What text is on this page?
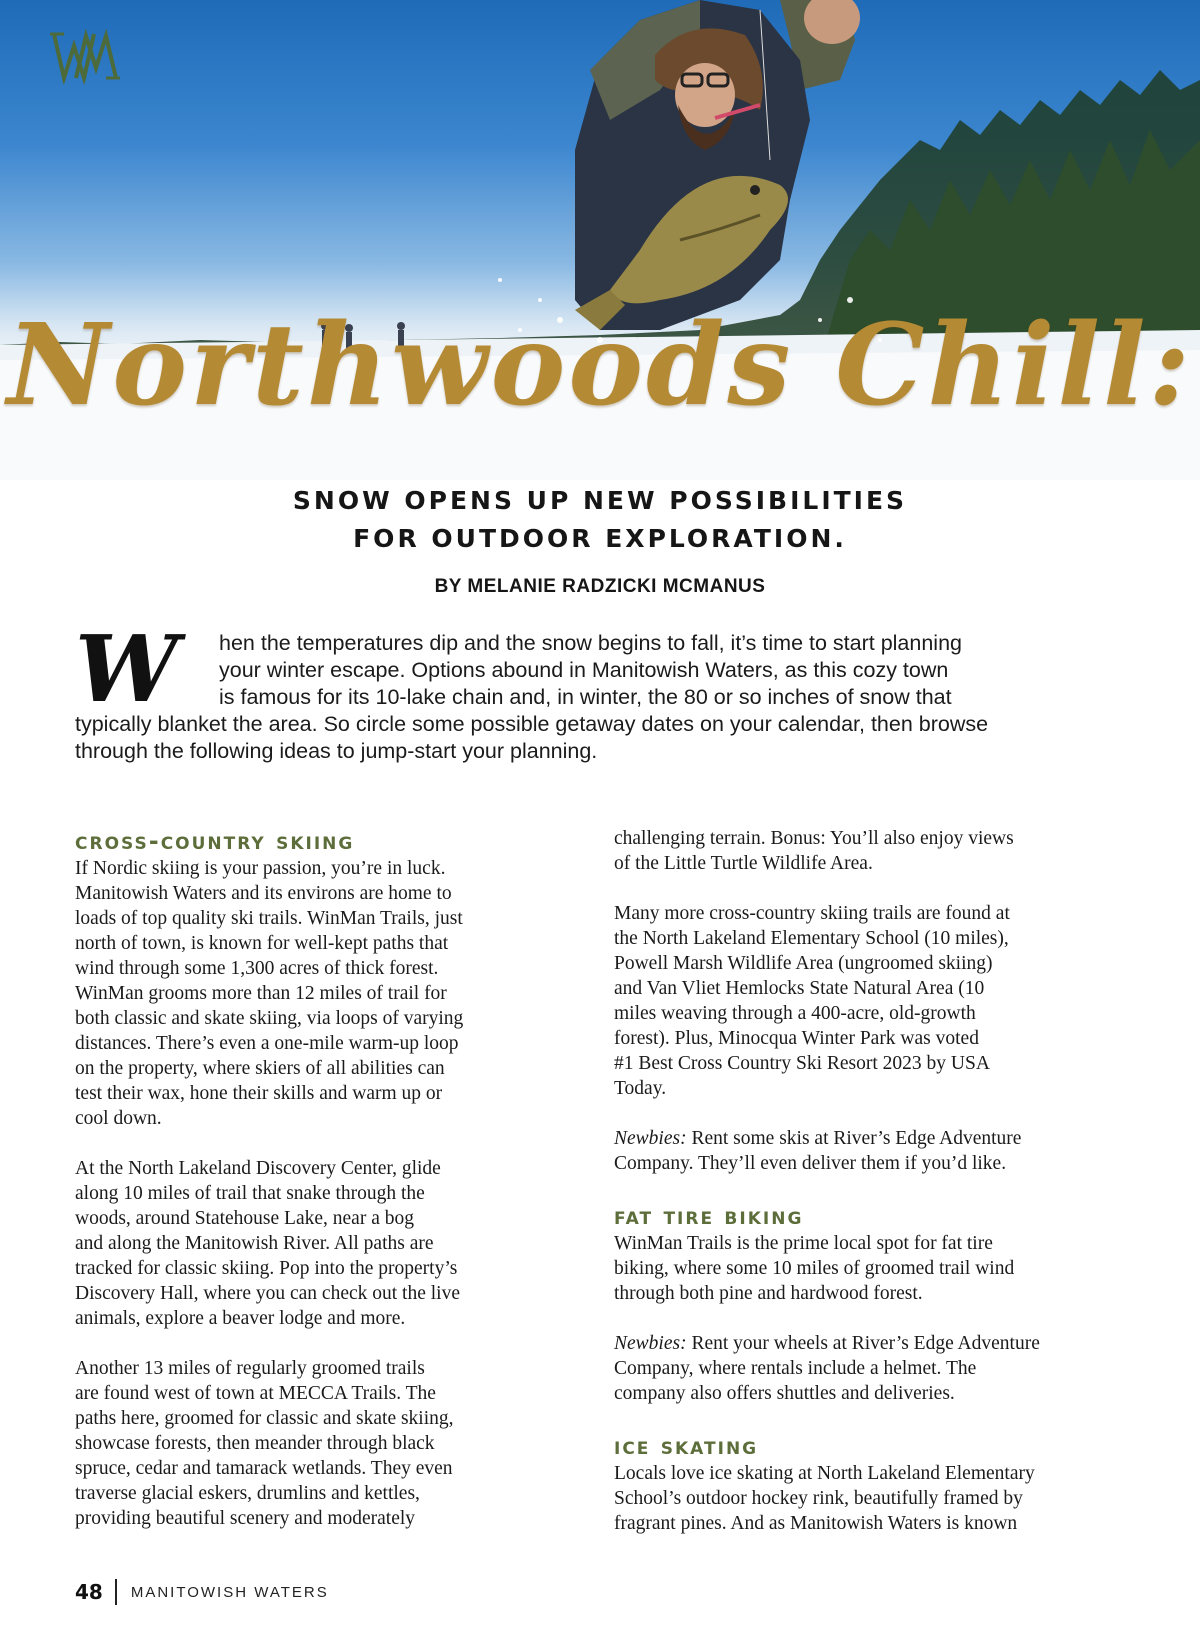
Northwoods Chill:
SNOW OPENS UP NEW POSSIBILITIES
FOR OUTDOOR EXPLORATION.
BY MELANIE RADZICKI MCMANUS
W	hen the temperatures dip and the snow begins to fall, it’s time to start planning
your winter escape. Options abound in Manitowish Waters, as this cozy town
is famous for its 10-lake chain and, in winter, the 80 or so inches of snow that
typically blanket the area. So circle some possible getaway dates on your calendar, then browse
through the following ideas to jump-start your planning.
cross-country skiing

If Nordic skiing is your passion, you’re in luck.
Manitowish Waters and its environs are home to
loads of top quality ski trails. WinMan Trails, just
north of town, is known for well-kept paths that
wind through some 1,300 acres of thick forest.
WinMan grooms more than 12 miles of trail for
both classic and skate skiing, via loops of varying
distances. There’s even a one-mile warm-up loop
on the property, where skiers of all abilities can
test their wax, hone their skills and warm up or
cool down.

At the North Lakeland Discovery Center, glide
along 10 miles of trail that snake through the
woods, around Statehouse Lake, near a bog
and along the Manitowish River. All paths are
tracked for classic skiing. Pop into the property’s
Discovery Hall, where you can check out the live
animals, explore a beaver lodge and more.

Another 13 miles of regularly groomed trails
are found west of town at MECCA Trails. The
paths here, groomed for classic and skate skiing,
showcase forests, then meander through black
spruce, cedar and tamarack wetlands. They even
traverse glacial eskers, drumlins and kettles,
providing beautiful scenery and moderately

challenging terrain. Bonus: You’ll also enjoy views
of the Little Turtle Wildlife Area.

Many more cross-country skiing trails are found at
the North Lakeland Elementary School (10 miles),
Powell Marsh Wildlife Area (ungroomed skiing)
and Van Vliet Hemlocks State Natural Area (10
miles weaving through a 400-acre, old-growth
forest). Plus, Minocqua Winter Park was voted
#1 Best Cross Country Ski Resort 2023 by USA
Today.

Newbies: Rent some skis at River’s Edge Adventure
Company. They’ll even deliver them if you’d like.

fat tire biking

WinMan Trails is the prime local spot for fat tire
biking, where some 10 miles of groomed trail wind
through both pine and hardwood forest.

Newbies: Rent your wheels at River’s Edge Adventure
Company, where rentals include a helmet. The
company also offers shuttles and deliveries.

ice skating

Locals love ice skating at North Lakeland Elementary
School’s outdoor hockey rink, beautifully framed by
fragrant pines. And as Manitowish Waters is known

48 MANITOWISH WATERS
